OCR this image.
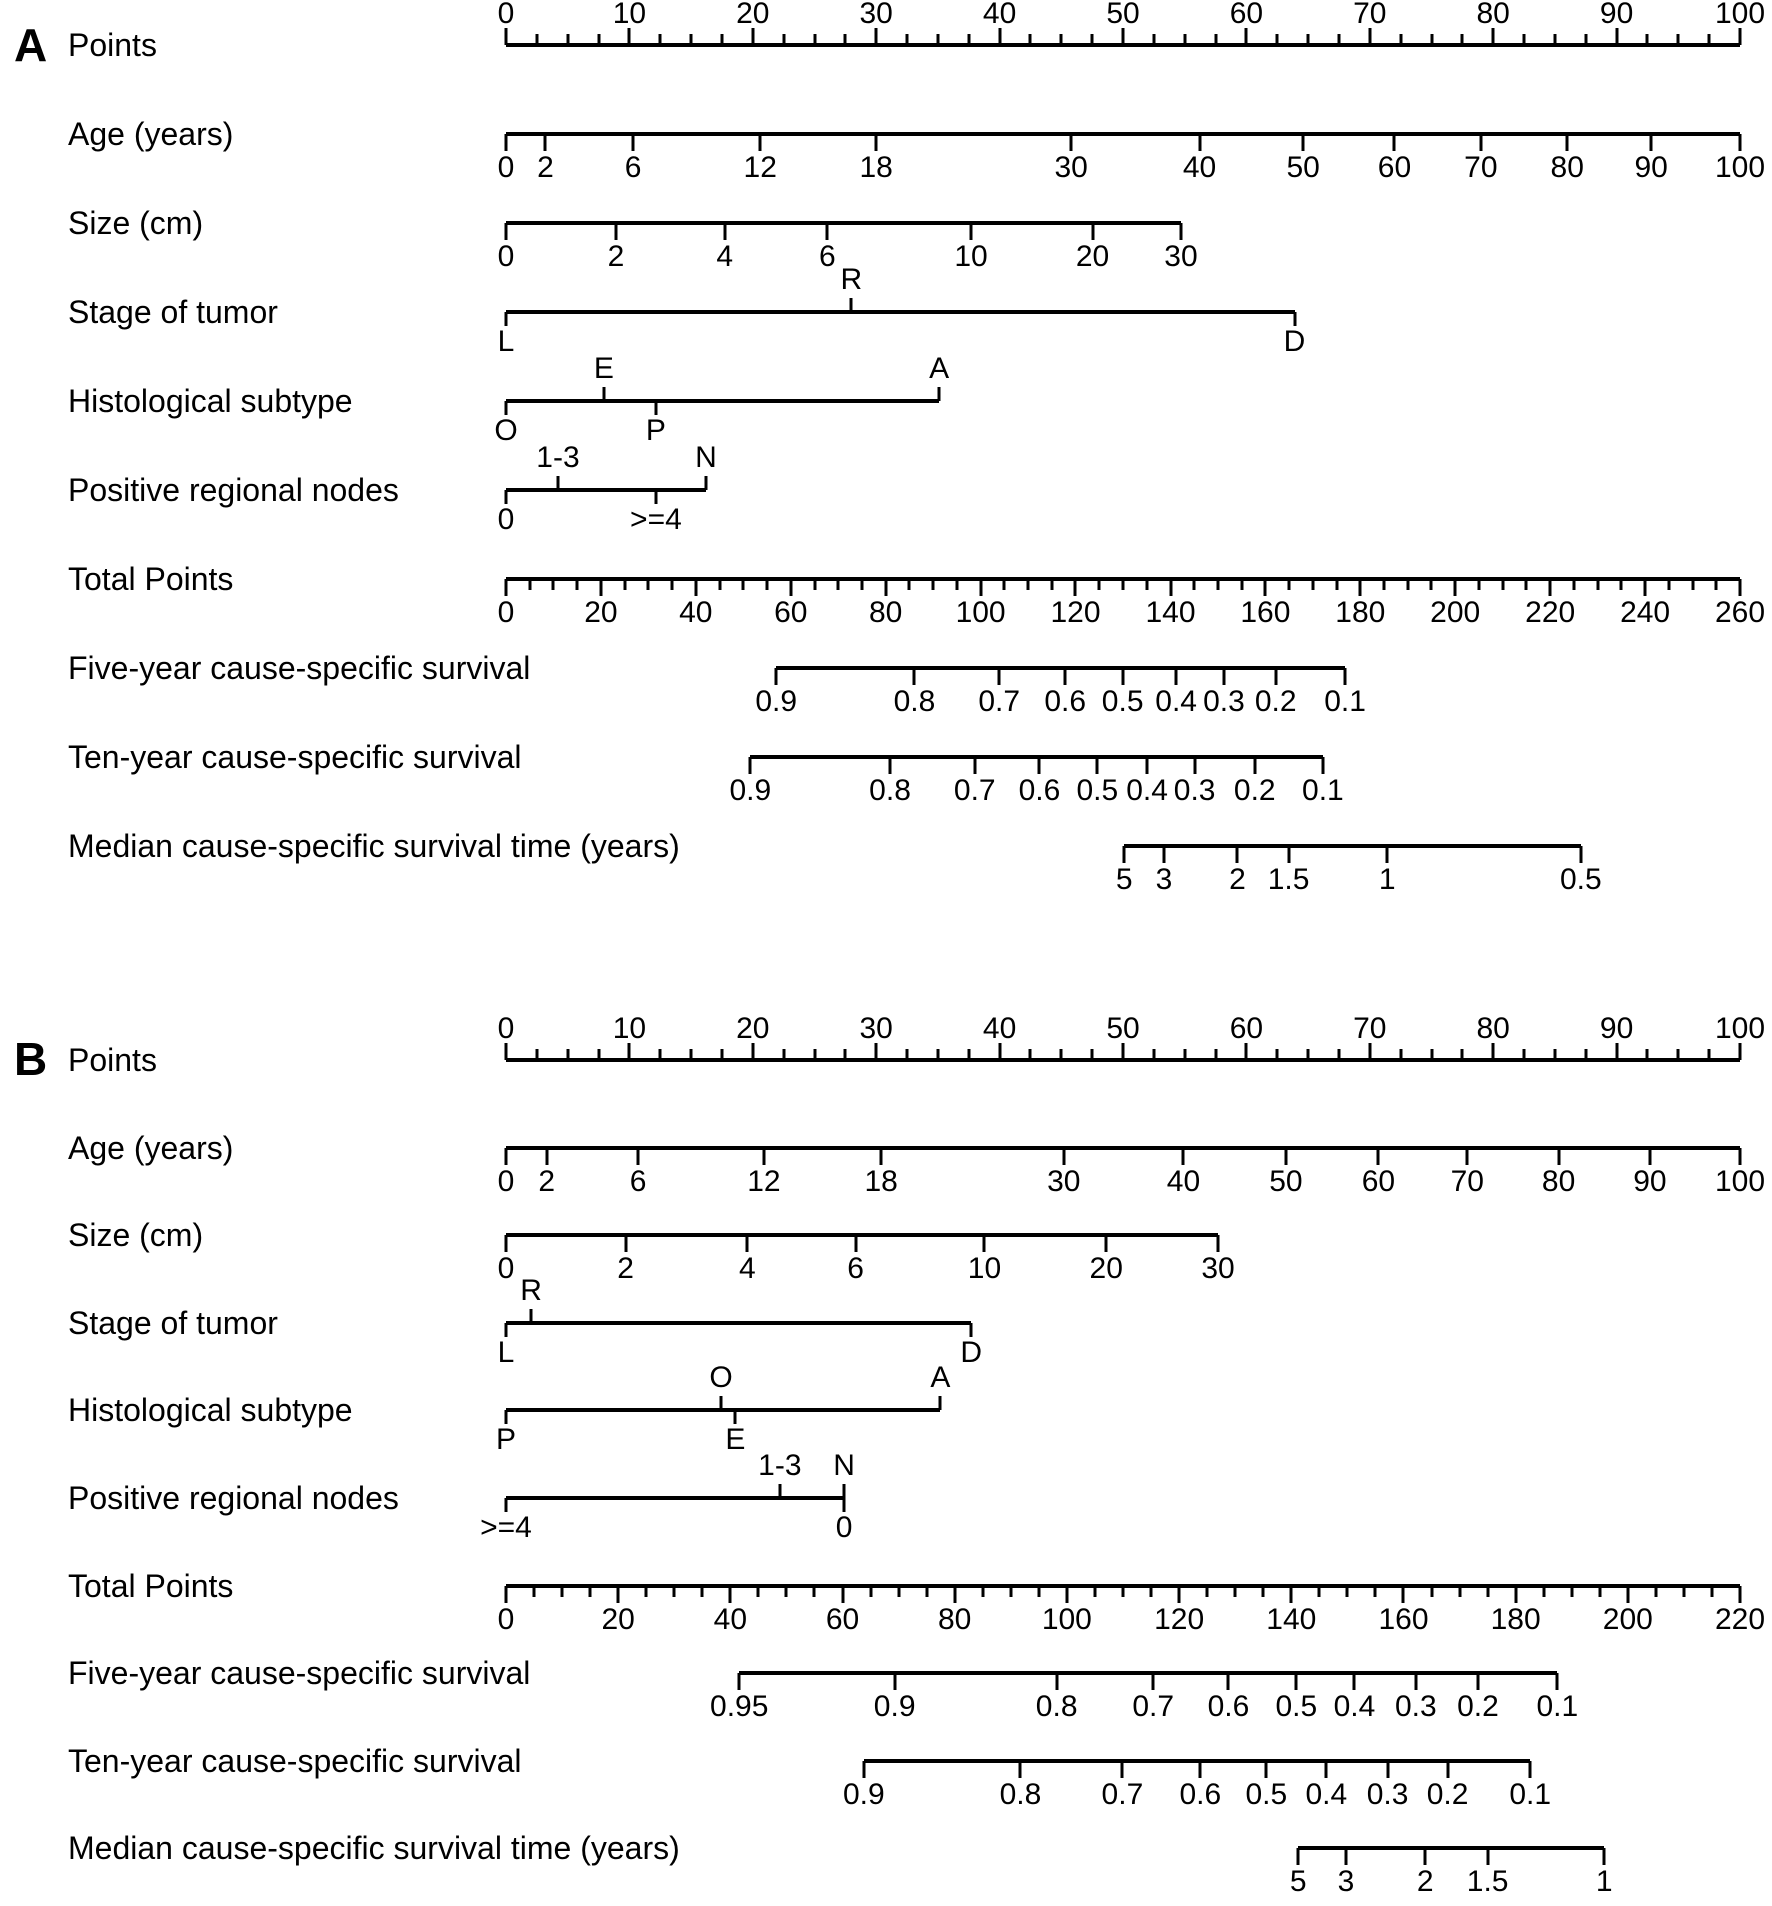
A
B
Points
0	10	20	30	40	50	60	70	80	90	100
Age (years)
0 2 6	12	18	30	40 50 60 70 80 90 100
Size (cm)
0	2	4	6	10	20 30
Stage of tumor
L
R
D
Histological subtype
O
E
P
A
Positive regional nodes
0
1-3
>=4
N
Total Points
0 20 40 60 80 100 120 140 160 180 200 220 240 260
Five-year cause-specific survival
0.9	0.8 0.7 0.6 0.5 0.4 0.3 0.2 0.1
Ten-year cause-specific survival
0.9	0.8 0.7 0.6 0.5 0.4 0.3 0.2 0.1
Median cause-specific survival time (years)
5 3 2 1.5 1	0.5
Points
0	10	20	30	40	50	60	70	80	90	100
Age (years)
0 2 6	12	18	30	40 50 60 70 80 90 100
Size (cm)
0	2	4	6	10	20	30
Stage of tumor
L
R
D
Histological subtype
P
O
E
A
Positive regional nodes
>=4
1-3
0
N
Total Points
0	20	40	60	80 100 120 140 160 180 200 220
Five-year cause-specific survival
0.95	0.9	0.8 0.7 0.6 0.5 0.4 0.3 0.2 0.1
Ten-year cause-specific survival
0.9	0.8 0.7 0.6 0.5 0.4 0.3 0.2 0.1
Median cause-specific survival time (years)
5 3 2 1.5	1
